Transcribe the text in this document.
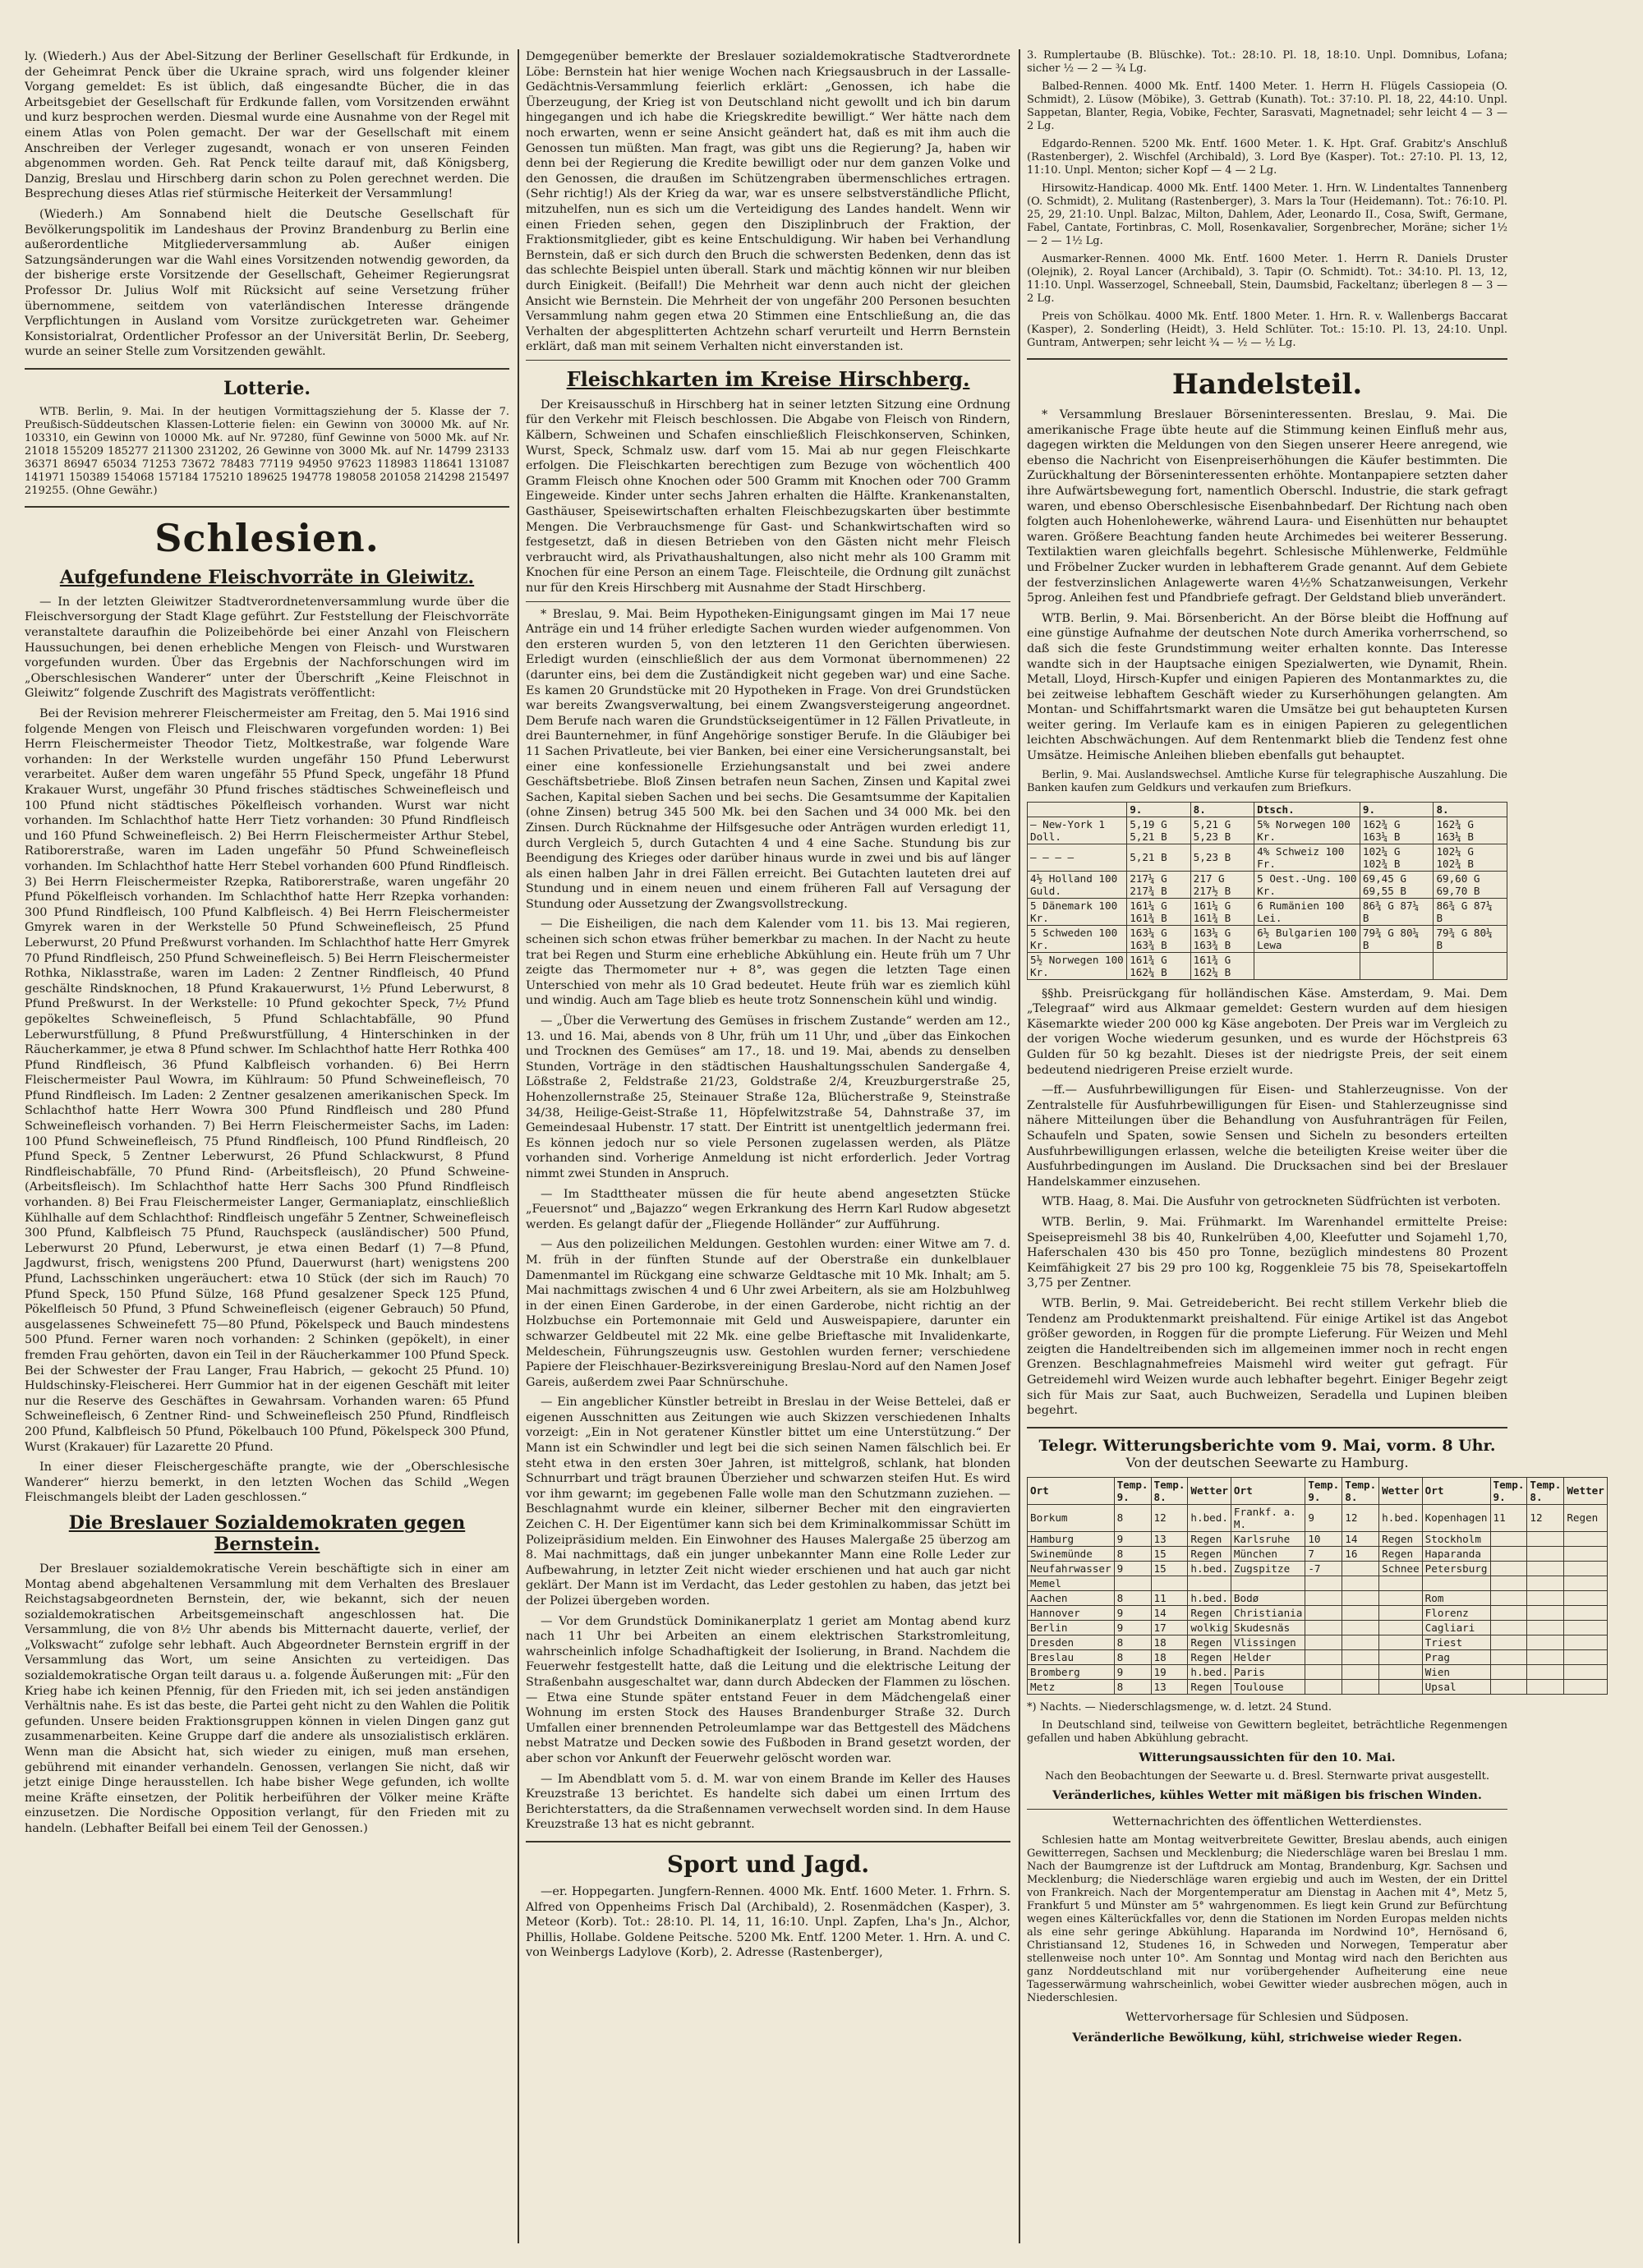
ly. (Wiederh.) Aus der Abel-Sitzung der Berliner Gesellschaft für Erdkunde, in der Geheimrat Penck über die Ukraine sprach, wird uns folgender kleiner Vorgang gemeldet: Es ist üblich, daß eingesandte Bücher, die in das Arbeitsgebiet der Gesellschaft für Erdkunde fallen, vom Vorsitzenden erwähnt und kurz besprochen werden. Diesmal wurde eine Ausnahme von der Regel mit einem Atlas von Polen gemacht. Der war der Gesellschaft mit einem Anschreiben der Verleger zugesandt, wonach er von unseren Feinden abgenommen worden. Geh. Rat Penck teilte darauf mit, daß Königsberg, Danzig, Breslau und Hirschberg darin schon zu Polen gerechnet werden. Die Besprechung dieses Atlas rief stürmische Heiterkeit der Versammlung!

(Wiederh.) Am Sonnabend hielt die Deutsche Gesellschaft für Bevölkerungspolitik im Landeshaus der Provinz Brandenburg zu Berlin eine außerordentliche Mitgliederversammlung ab. Außer einigen Satzungsänderungen war die Wahl eines Vorsitzenden notwendig geworden, da der bisherige erste Vorsitzende der Gesellschaft, Geheimer Regierungsrat Professor Dr. Julius Wolf mit Rücksicht auf seine Versetzung früher übernommene, seitdem von vaterländischen Interesse drängende Verpflichtungen in Ausland vom Vorsitze zurückgetreten war. Geheimer Konsistorialrat, Ordentlicher Professor an der Universität Berlin, Dr. Seeberg, wurde an seiner Stelle zum Vorsitzenden gewählt.

Lotterie.

WTB. Berlin, 9. Mai. In der heutigen Vormittagsziehung der 5. Klasse der 7. Preußisch-Süddeutschen Klassen-Lotterie fielen: ein Gewinn von 30000 Mk. auf Nr. 103310, ein Gewinn von 10000 Mk. auf Nr. 97280, fünf Gewinne von 5000 Mk. auf Nr. 21018 155209 185277 211300 231202, 26 Gewinne von 3000 Mk. auf Nr. 14799 23133 36371 86947 65034 71253 73672 78483 77119 94950 97623 118983 118641 131087 141971 150389 154068 157184 175210 189625 194778 198058 201058 214298 215497 219255. (Ohne Gewähr.)

Schlesien.
Aufgefundene Fleischvorräte in Gleiwitz.

— In der letzten Gleiwitzer Stadtverordnetenversammlung wurde über die Fleischversorgung der Stadt Klage geführt. Zur Feststellung der Fleischvorräte veranstaltete daraufhin die Polizeibehörde bei einer Anzahl von Fleischern Haussuchungen, bei denen erhebliche Mengen von Fleisch- und Wurstwaren vorgefunden wurden. Über das Ergebnis der Nachforschungen wird im „Oberschlesischen Wanderer“ unter der Überschrift „Keine Fleischnot in Gleiwitz“ folgende Zuschrift des Magistrats veröffentlicht:

Bei der Revision mehrerer Fleischermeister am Freitag, den 5. Mai 1916 sind folgende Mengen von Fleisch und Fleischwaren vorgefunden worden: 1) Bei Herrn Fleischermeister Theodor Tietz, Moltkestraße, war folgende Ware vorhanden: In der Werkstelle wurden ungefähr 150 Pfund Leberwurst verarbeitet. Außer dem waren ungefähr 55 Pfund Speck, ungefähr 18 Pfund Krakauer Wurst, ungefähr 30 Pfund frisches städtisches Schweinefleisch und 100 Pfund nicht städtisches Pökelfleisch vorhanden. Wurst war nicht vorhanden. Im Schlachthof hatte Herr Tietz vorhanden: 30 Pfund Rindfleisch und 160 Pfund Schweinefleisch. 2) Bei Herrn Fleischermeister Arthur Stebel, Ratiborerstraße, waren im Laden ungefähr 50 Pfund Schweinefleisch vorhanden. Im Schlachthof hatte Herr Stebel vorhanden 600 Pfund Rindfleisch. 3) Bei Herrn Fleischermeister Rzepka, Ratiborerstraße, waren ungefähr 20 Pfund Pökelfleisch vorhanden. Im Schlachthof hatte Herr Rzepka vorhanden: 300 Pfund Rindfleisch, 100 Pfund Kalbfleisch. 4) Bei Herrn Fleischermeister Gmyrek waren in der Werkstelle 50 Pfund Schweinefleisch, 25 Pfund Leberwurst, 20 Pfund Preßwurst vorhanden. Im Schlachthof hatte Herr Gmyrek 70 Pfund Rindfleisch, 250 Pfund Schweinefleisch. 5) Bei Herrn Fleischermeister Rothka, Niklasstraße, waren im Laden: 2 Zentner Rindfleisch, 40 Pfund geschälte Rindsknochen, 18 Pfund Krakauerwurst, 1½ Pfund Leberwurst, 8 Pfund Preßwurst. In der Werkstelle: 10 Pfund gekochter Speck, 7½ Pfund gepökeltes Schweinefleisch, 5 Pfund Schlachtabfälle, 90 Pfund Leberwurstfüllung, 8 Pfund Preßwurstfüllung, 4 Hinterschinken in der Räucherkammer, je etwa 8 Pfund schwer. Im Schlachthof hatte Herr Rothka 400 Pfund Rindfleisch, 36 Pfund Kalbfleisch vorhanden. 6) Bei Herrn Fleischermeister Paul Wowra, im Kühlraum: 50 Pfund Schweinefleisch, 70 Pfund Rindfleisch. Im Laden: 2 Zentner gesalzenen amerikanischen Speck. Im Schlachthof hatte Herr Wowra 300 Pfund Rindfleisch und 280 Pfund Schweinefleisch vorhanden. 7) Bei Herrn Fleischermeister Sachs, im Laden: 100 Pfund Schweinefleisch, 75 Pfund Rindfleisch, 100 Pfund Rindfleisch, 20 Pfund Speck, 5 Zentner Leberwurst, 26 Pfund Schlackwurst, 8 Pfund Rindfleischabfälle, 70 Pfund Rind- (Arbeitsfleisch), 20 Pfund Schweine- (Arbeitsfleisch). Im Schlachthof hatte Herr Sachs 300 Pfund Rindfleisch vorhanden. 8) Bei Frau Fleischermeister Langer, Germaniaplatz, einschließlich Kühlhalle auf dem Schlachthof: Rindfleisch ungefähr 5 Zentner, Schweinefleisch 300 Pfund, Kalbfleisch 75 Pfund, Rauchspeck (ausländischer) 500 Pfund, Leberwurst 20 Pfund, Leberwurst, je etwa einen Bedarf (1) 7—8 Pfund, Jagdwurst, frisch, wenigstens 200 Pfund, Dauerwurst (hart) wenigstens 200 Pfund, Lachsschinken ungeräuchert: etwa 10 Stück (der sich im Rauch) 70 Pfund Speck, 150 Pfund Sülze, 168 Pfund gesalzener Speck 125 Pfund, Pökelfleisch 50 Pfund, 3 Pfund Schweinefleisch (eigener Gebrauch) 50 Pfund, ausgelassenes Schweinefett 75—80 Pfund, Pökelspeck und Bauch mindestens 500 Pfund. Ferner waren noch vorhanden: 2 Schinken (gepökelt), in einer fremden Frau gehörten, davon ein Teil in der Räucherkammer 100 Pfund Speck. Bei der Schwester der Frau Langer, Frau Habrich, — gekocht 25 Pfund. 10) Huldschinsky-Fleischerei. Herr Gummior hat in der eigenen Geschäft mit leiter nur die Reserve des Geschäftes in Gewahrsam. Vorhanden waren: 65 Pfund Schweinefleisch, 6 Zentner Rind- und Schweinefleisch 250 Pfund, Rindfleisch 200 Pfund, Kalbfleisch 50 Pfund, Pökelbauch 100 Pfund, Pökelspeck 300 Pfund, Wurst (Krakauer) für Lazarette 20 Pfund.

In einer dieser Fleischergeschäfte prangte, wie der „Oberschlesische Wanderer“ hierzu bemerkt, in den letzten Wochen das Schild „Wegen Fleischmangels bleibt der Laden geschlossen.“

Die Breslauer Sozialdemokraten gegen Bernstein.

Der Breslauer sozialdemokratische Verein beschäftigte sich in einer am Montag abend abgehaltenen Versammlung mit dem Verhalten des Breslauer Reichstagsabgeordneten Bernstein, der, wie bekannt, sich der neuen sozialdemokratischen Arbeitsgemeinschaft angeschlossen hat. Die Versammlung, die von 8½ Uhr abends bis Mitternacht dauerte, verlief, der „Volkswacht“ zufolge sehr lebhaft. Auch Abgeordneter Bernstein ergriff in der Versammlung das Wort, um seine Ansichten zu verteidigen. Das sozialdemokratische Organ teilt daraus u. a. folgende Äußerungen mit: „Für den Krieg habe ich keinen Pfennig, für den Frieden mit, ich sei jeden anständigen Verhältnis nahe. Es ist das beste, die Partei geht nicht zu den Wahlen die Politik gefunden. Unsere beiden Fraktionsgruppen können in vielen Dingen ganz gut zusammenarbeiten. Keine Gruppe darf die andere als unsozialistisch erklären. Wenn man die Absicht hat, sich wieder zu einigen, muß man ersehen, gebührend mit einander verhandeln. Genossen, verlangen Sie nicht, daß wir jetzt einige Dinge herausstellen. Ich habe bisher Wege gefunden, ich wollte meine Kräfte einsetzen, der Politik herbeiführen der Völker meine Kräfte einzusetzen. Die Nordische Opposition verlangt, für den Frieden mit zu handeln. (Lebhafter Beifall bei einem Teil der Genossen.)

Demgegenüber bemerkte der Breslauer sozialdemokratische Stadtverordnete Löbe: Bernstein hat hier wenige Wochen nach Kriegsausbruch in der Lassalle-Gedächtnis-Versammlung feierlich erklärt: „Genossen, ich habe die Überzeugung, der Krieg ist von Deutschland nicht gewollt und ich bin darum hingegangen und ich habe die Kriegskredite bewilligt.“ Wer hätte nach dem noch erwarten, wenn er seine Ansicht geändert hat, daß es mit ihm auch die Genossen tun müßten. Man fragt, was gibt uns die Regierung? Ja, haben wir denn bei der Regierung die Kredite bewilligt oder nur dem ganzen Volke und den Genossen, die draußen im Schützengraben übermenschliches ertragen. (Sehr richtig!) Als der Krieg da war, war es unsere selbstverständliche Pflicht, mitzuhelfen, nun es sich um die Verteidigung des Landes handelt. Wenn wir einen Frieden sehen, gegen den Disziplinbruch der Fraktion, der Fraktionsmitglieder, gibt es keine Entschuldigung. Wir haben bei Verhandlung Bernstein, daß er sich durch den Bruch die schwersten Bedenken, denn das ist das schlechte Beispiel unten überall. Stark und mächtig können wir nur bleiben durch Einigkeit. (Beifall!) Die Mehrheit war denn auch nicht der gleichen Ansicht wie Bernstein. Die Mehrheit der von ungefähr 200 Personen besuchten Versammlung nahm gegen etwa 20 Stimmen eine Entschließung an, die das Verhalten der abgesplitterten Achtzehn scharf verurteilt und Herrn Bernstein erklärt, daß man mit seinem Verhalten nicht einverstanden ist.

Fleischkarten im Kreise Hirschberg.

Der Kreisausschuß in Hirschberg hat in seiner letzten Sitzung eine Ordnung für den Verkehr mit Fleisch beschlossen. Die Abgabe von Fleisch von Rindern, Kälbern, Schweinen und Schafen einschließlich Fleischkonserven, Schinken, Wurst, Speck, Schmalz usw. darf vom 15. Mai ab nur gegen Fleischkarte erfolgen. Die Fleischkarten berechtigen zum Bezuge von wöchentlich 400 Gramm Fleisch ohne Knochen oder 500 Gramm mit Knochen oder 700 Gramm Eingeweide. Kinder unter sechs Jahren erhalten die Hälfte. Krankenanstalten, Gasthäuser, Speisewirtschaften erhalten Fleischbezugskarten über bestimmte Mengen. Die Verbrauchsmenge für Gast- und Schankwirtschaften wird so festgesetzt, daß in diesen Betrieben von den Gästen nicht mehr Fleisch verbraucht wird, als Privathaushaltungen, also nicht mehr als 100 Gramm mit Knochen für eine Person an einem Tage. Fleischteile, die Ordnung gilt zunächst nur für den Kreis Hirschberg mit Ausnahme der Stadt Hirschberg.

* Breslau, 9. Mai. Beim Hypotheken-Einigungsamt gingen im Mai 17 neue Anträge ein und 14 früher erledigte Sachen wurden wieder aufgenommen. Von den ersteren wurden 5, von den letzteren 11 den Gerichten überwiesen. Erledigt wurden (einschließlich der aus dem Vormonat übernommenen) 22 (darunter eins, bei dem die Zuständigkeit nicht gegeben war) und eine Sache. Es kamen 20 Grundstücke mit 20 Hypotheken in Frage. Von drei Grundstücken war bereits Zwangsverwaltung, bei einem Zwangsversteigerung angeordnet. Dem Berufe nach waren die Grundstückseigentümer in 12 Fällen Privatleute, in drei Baunternehmer, in fünf Angehörige sonstiger Berufe. In die Gläubiger bei 11 Sachen Privatleute, bei vier Banken, bei einer eine Versicherungsanstalt, bei einer eine konfessionelle Erziehungsanstalt und bei zwei andere Geschäftsbetriebe. Bloß Zinsen betrafen neun Sachen, Zinsen und Kapital zwei Sachen, Kapital sieben Sachen und bei sechs. Die Gesamtsumme der Kapitalien (ohne Zinsen) betrug 345 500 Mk. bei den Sachen und 34 000 Mk. bei den Zinsen. Durch Rücknahme der Hilfsgesuche oder Anträgen wurden erledigt 11, durch Vergleich 5, durch Gutachten 4 und 4 eine Sache. Stundung bis zur Beendigung des Krieges oder darüber hinaus wurde in zwei und bis auf länger als einen halben Jahr in drei Fällen erreicht. Bei Gutachten lauteten drei auf Stundung und in einem neuen und einem früheren Fall auf Versagung der Stundung oder Aussetzung der Zwangsvollstreckung.

— Die Eisheiligen, die nach dem Kalender vom 11. bis 13. Mai regieren, scheinen sich schon etwas früher bemerkbar zu machen. In der Nacht zu heute trat bei Regen und Sturm eine erhebliche Abkühlung ein. Heute früh um 7 Uhr zeigte das Thermometer nur + 8°, was gegen die letzten Tage einen Unterschied von mehr als 10 Grad bedeutet. Heute früh war es ziemlich kühl und windig. Auch am Tage blieb es heute trotz Sonnenschein kühl und windig.

— „Über die Verwertung des Gemüses in frischem Zustande“ werden am 12., 13. und 16. Mai, abends von 8 Uhr, früh um 11 Uhr, und „über das Einkochen und Trocknen des Gemüses“ am 17., 18. und 19. Mai, abends zu denselben Stunden, Vorträge in den städtischen Haushaltungsschulen Sandergaße 4, Lößstraße 2, Feldstraße 21/23, Goldstraße 2/4, Kreuzburgerstraße 25, Hohenzollernstraße 25, Steinauer Straße 12a, Blücherstraße 9, Steinstraße 34/38, Heilige-Geist-Straße 11, Höpfelwitzstraße 54, Dahnstraße 37, im Gemeindesaal Hubenstr. 17 statt. Der Eintritt ist unentgeltlich jedermann frei. Es können jedoch nur so viele Personen zugelassen werden, als Plätze vorhanden sind. Vorherige Anmeldung ist nicht erforderlich. Jeder Vortrag nimmt zwei Stunden in Anspruch.

— Im Stadttheater müssen die für heute abend angesetzten Stücke „Feuersnot“ und „Bajazzo“ wegen Erkrankung des Herrn Karl Rudow abgesetzt werden. Es gelangt dafür der „Fliegende Holländer“ zur Aufführung.

— Aus den polizeilichen Meldungen. Gestohlen wurden: einer Witwe am 7. d. M. früh in der fünften Stunde auf der Oberstraße ein dunkelblauer Damenmantel im Rückgang eine schwarze Geldtasche mit 10 Mk. Inhalt; am 5. Mai nachmittags zwischen 4 und 6 Uhr zwei Arbeitern, als sie am Holzbuhlweg in der einen Einen Garderobe, in der einen Garderobe, nicht richtig an der Holzbuchse ein Portemonnaie mit Geld und Ausweispapiere, darunter ein schwarzer Geldbeutel mit 22 Mk. eine gelbe Brieftasche mit Invalidenkarte, Meldeschein, Führungszeugnis usw. Gestohlen wurden ferner; verschiedene Papiere der Fleischhauer-Bezirksvereinigung Breslau-Nord auf den Namen Josef Gareis, außerdem zwei Paar Schnürschuhe.

— Ein angeblicher Künstler betreibt in Breslau in der Weise Bettelei, daß er eigenen Ausschnitten aus Zeitungen wie auch Skizzen verschiedenen Inhalts vorzeigt: „Ein in Not geratener Künstler bittet um eine Unterstützung.“ Der Mann ist ein Schwindler und legt bei die sich seinen Namen fälschlich bei. Er steht etwa in den ersten 30er Jahren, ist mittelgroß, schlank, hat blonden Schnurrbart und trägt braunen Überzieher und schwarzen steifen Hut. Es wird vor ihm gewarnt; im gegebenen Falle wolle man den Schutzmann zuziehen. — Beschlagnahmt wurde ein kleiner, silberner Becher mit den eingravierten Zeichen C. H. Der Eigentümer kann sich bei dem Kriminalkommissar Schütt im Polizeipräsidium melden. Ein Einwohner des Hauses Malergaße 25 überzog am 8. Mai nachmittags, daß ein junger unbekannter Mann eine Rolle Leder zur Aufbewahrung, in letzter Zeit nicht wieder erschienen und hat auch gar nicht geklärt. Der Mann ist im Verdacht, das Leder gestohlen zu haben, das jetzt bei der Polizei übergeben worden.

— Vor dem Grundstück Dominikanerplatz 1 geriet am Montag abend kurz nach 11 Uhr bei Arbeiten an einem elektrischen Starkstromleitung, wahrscheinlich infolge Schadhaftigkeit der Isolierung, in Brand. Nachdem die Feuerwehr festgestellt hatte, daß die Leitung und die elektrische Leitung der Straßenbahn ausgeschaltet war, dann durch Abdecken der Flammen zu löschen. — Etwa eine Stunde später entstand Feuer in dem Mädchengelaß einer Wohnung im ersten Stock des Hauses Brandenburger Straße 32. Durch Umfallen einer brennenden Petroleumlampe war das Bettgestell des Mädchens nebst Matratze und Decken sowie des Fußboden in Brand gesetzt worden, der aber schon vor Ankunft der Feuerwehr gelöscht worden war.

— Im Abendblatt vom 5. d. M. war von einem Brande im Keller des Hauses Kreuzstraße 13 berichtet. Es handelte sich dabei um einen Irrtum des Berichterstatters, da die Straßennamen verwechselt worden sind. In dem Hause Kreuzstraße 13 hat es nicht gebrannt.

Sport und Jagd.

—er. Hoppegarten. Jungfern-Rennen. 4000 Mk. Entf. 1600 Meter. 1. Frhrn. S. Alfred von Oppenheims Frisch Dal (Archibald), 2. Rosenmädchen (Kasper), 3. Meteor (Korb). Tot.: 28:10. Pl. 14, 11, 16:10. Unpl. Zapfen, Lha's Jn., Alchor, Phillis, Hollabe. Goldene Peitsche. 5200 Mk. Entf. 1200 Meter. 1. Hrn. A. und C. von Weinbergs Ladylove (Korb), 2. Adresse (Rastenberger),

3. Rumplertaube (B. Blüschke). Tot.: 28:10. Pl. 18, 18:10. Unpl. Domnibus, Lofana; sicher ½ — 2 — ¾ Lg.

Balbed-Rennen. 4000 Mk. Entf. 1400 Meter. 1. Herrn H. Flügels Cassiopeia (O. Schmidt), 2. Lüsow (Möbike), 3. Gettrab (Kunath). Tot.: 37:10. Pl. 18, 22, 44:10. Unpl. Sappetan, Blanter, Regia, Vobike, Fechter, Sarasvati, Magnetnadel; sehr leicht 4 — 3 — 2 Lg.

Edgardo-Rennen. 5200 Mk. Entf. 1600 Meter. 1. K. Hpt. Graf. Grabitz's Anschluß (Rastenberger), 2. Wischfel (Archibald), 3. Lord Bye (Kasper). Tot.: 27:10. Pl. 13, 12, 11:10. Unpl. Menton; sicher Kopf — 4 — 2 Lg.

Hirsowitz-Handicap. 4000 Mk. Entf. 1400 Meter. 1. Hrn. W. Lindentaltes Tannenberg (O. Schmidt), 2. Mulitang (Rastenberger), 3. Mars la Tour (Heidemann). Tot.: 76:10. Pl. 25, 29, 21:10. Unpl. Balzac, Milton, Dahlem, Ader, Leonardo II., Cosa, Swift, Germane, Fabel, Cantate, Fortinbras, C. Moll, Rosenkavalier, Sorgenbrecher, Moräne; sicher 1½ — 2 — 1½ Lg.

Ausmarker-Rennen. 4000 Mk. Entf. 1600 Meter. 1. Herrn R. Daniels Druster (Olejnik), 2. Royal Lancer (Archibald), 3. Tapir (O. Schmidt). Tot.: 34:10. Pl. 13, 12, 11:10. Unpl. Wasserzogel, Schneeball, Stein, Daumsbid, Fackeltanz; überlegen 8 — 3 — 2 Lg.

Preis von Schölkau. 4000 Mk. Entf. 1800 Meter. 1. Hrn. R. v. Wallenbergs Baccarat (Kasper), 2. Sonderling (Heidt), 3. Held Schlüter. Tot.: 15:10. Pl. 13, 24:10. Unpl. Guntram, Antwerpen; sehr leicht ¾ — ½ — ½ Lg.

Handelsteil.

* Versammlung Breslauer Börseninteressenten. Breslau, 9. Mai. Die amerikanische Frage übte heute auf die Stimmung keinen Einfluß mehr aus, dagegen wirkten die Meldungen von den Siegen unserer Heere anregend, wie ebenso die Nachricht von Eisenpreiserhöhungen die Käufer bestimmten. Die Zurückhaltung der Börseninteressenten erhöhte. Montanpapiere setzten daher ihre Aufwärtsbewegung fort, namentlich Oberschl. Industrie, die stark gefragt waren, und ebenso Oberschlesische Eisenbahnbedarf. Der Richtung nach oben folgten auch Hohenlohewerke, während Laura- und Eisenhütten nur behauptet waren. Größere Beachtung fanden heute Archimedes bei weiterer Besserung. Textilaktien waren gleichfalls begehrt. Schlesische Mühlenwerke, Feldmühle und Fröbelner Zucker wurden in lebhafterem Grade genannt. Auf dem Gebiete der festverzinslichen Anlagewerte waren 4½% Schatzanweisungen, Verkehr 5prog. Anleihen fest und Pfandbriefe gefragt. Der Geldstand blieb unverändert.

WTB. Berlin, 9. Mai. Börsenbericht. An der Börse bleibt die Hoffnung auf eine günstige Aufnahme der deutschen Note durch Amerika vorherrschend, so daß sich die feste Grundstimmung weiter erhalten konnte. Das Interesse wandte sich in der Hauptsache einigen Spezialwerten, wie Dynamit, Rhein. Metall, Lloyd, Hirsch-Kupfer und einigen Papieren des Montanmarktes zu, die bei zeitweise lebhaftem Geschäft wieder zu Kurserhöhungen gelangten. Am Montan- und Schiffahrtsmarkt waren die Umsätze bei gut behaupteten Kursen weiter gering. Im Verlaufe kam es in einigen Papieren zu gelegentlichen leichten Abschwächungen. Auf dem Rentenmarkt blieb die Tendenz fest ohne Umsätze. Heimische Anleihen blieben ebenfalls gut behauptet.

Berlin, 9. Mai. Auslandswechsel. Amtliche Kurse für telegraphische Auszahlung. Die Banken kaufen zum Geldkurs und verkaufen zum Briefkurs.

	9.	8.	Dtsch.	9.	8.
— New-York 1 Doll.	5,19 G 5,21 B	5,21 G 5,23 B	5% Norwegen 100 Kr.	162¾ G 163¼ B	162¾ G 163¼ B
— — — —	5,21 B	5,23 B	4% Schweiz 100 Fr.	102¼ G 102¾ B	102¼ G 102¾ B
4½ Holland 100 Guld.	217¼ G 217¾ B	217 G 217½ B	5 Oest.-Ung. 100 Kr.	69,45 G 69,55 B	69,60 G 69,70 B
5 Dänemark 100 Kr.	161¼ G 161¾ B	161¼ G 161¾ B	6 Rumänien 100 Lei.	86¾ G 87¼ B	86¾ G 87¼ B
5 Schweden 100 Kr.	163¼ G 163¾ B	163¼ G 163¾ B	6½ Bulgarien 100 Lewa	79¾ G 80¼ B	79¾ G 80¼ B
5½ Norwegen 100 Kr.	161¾ G 162¼ B	161¾ G 162¼ B			

§§hb. Preisrückgang für holländischen Käse. Amsterdam, 9. Mai. Dem „Telegraaf“ wird aus Alkmaar gemeldet: Gestern wurden auf dem hiesigen Käsemarkte wieder 200 000 kg Käse angeboten. Der Preis war im Vergleich zu der vorigen Woche wiederum gesunken, und es wurde der Höchstpreis 63 Gulden für 50 kg bezahlt. Dieses ist der niedrigste Preis, der seit einem bedeutend niedrigeren Preise erzielt wurde.

—ff.— Ausfuhrbewilligungen für Eisen- und Stahlerzeugnisse. Von der Zentralstelle für Ausfuhrbewilligungen für Eisen- und Stahlerzeugnisse sind nähere Mitteilungen über die Behandlung von Ausfuhranträgen für Feilen, Schaufeln und Spaten, sowie Sensen und Sicheln zu besonders erteilten Ausfuhrbewilligungen erlassen, welche die beteiligten Kreise weiter über die Ausfuhrbedingungen im Ausland. Die Drucksachen sind bei der Breslauer Handelskammer einzusehen.

WTB. Haag, 8. Mai. Die Ausfuhr von getrockneten Südfrüchten ist verboten.

WTB. Berlin, 9. Mai. Frühmarkt. Im Warenhandel ermittelte Preise: Speisepreismehl 38 bis 40, Runkelrüben 4,00, Kleefutter und Sojamehl 1,70, Haferschalen 430 bis 450 pro Tonne, bezüglich mindestens 80 Prozent Keimfähigkeit 27 bis 29 pro 100 kg, Roggenkleie 75 bis 78, Speisekartoffeln 3,75 per Zentner.

WTB. Berlin, 9. Mai. Getreidebericht. Bei recht stillem Verkehr blieb die Tendenz am Produktenmarkt preishaltend. Für einige Artikel ist das Angebot größer geworden, in Roggen für die prompte Lieferung. Für Weizen und Mehl zeigten die Handeltreibenden sich im allgemeinen immer noch in recht engen Grenzen. Beschlagnahmefreies Maismehl wird weiter gut gefragt. Für Getreidemehl wird Weizen wurde auch lebhafter begehrt. Einiger Begehr zeigt sich für Mais zur Saat, auch Buchweizen, Seradella und Lupinen bleiben begehrt.

Telegr. Witterungsberichte vom 9. Mai, vorm. 8 Uhr.
Von der deutschen Seewarte zu Hamburg.
Ort	Temp. 9.	Temp. 8.	Wetter	Ort	Temp. 9.	Temp. 8.	Wetter	Ort	Temp. 9.	Temp. 8.	Wetter
Borkum	8	12	h.bed.	Frankf. a. M.	9	12	h.bed.	Kopenhagen	11	12	Regen
Hamburg	9	13	Regen	Karlsruhe	10	14	Regen	Stockholm			
Swinemünde	8	15	Regen	München	7	16	Regen	Haparanda			
Neufahrwasser	9	15	h.bed.	Zugspitze	-7		Schnee	Petersburg			
Memel											
Aachen	8	11	h.bed.	Bodø				Rom			
Hannover	9	14	Regen	Christiania				Florenz			
Berlin	9	17	wolkig	Skudesnäs				Cagliari			
Dresden	8	18	Regen	Vlissingen				Triest			
Breslau	8	18	Regen	Helder				Prag			
Bromberg	9	19	h.bed.	Paris				Wien			
Metz	8	13	Regen	Toulouse				Upsal			

*) Nachts. — Niederschlagsmenge, w. d. letzt. 24 Stund.

In Deutschland sind, teilweise von Gewittern begleitet, beträchtliche Regenmengen gefallen und haben Abkühlung gebracht.

Witterungsaussichten für den 10. Mai.

Nach den Beobachtungen der Seewarte u. d. Bresl. Sternwarte privat ausgestellt.

Veränderliches, kühles Wetter mit mäßigen bis frischen Winden.

Wetternachrichten des öffentlichen Wetterdienstes.

Schlesien hatte am Montag weitverbreitete Gewitter, Breslau abends, auch einigen Gewitterregen, Sachsen und Mecklenburg; die Niederschläge waren bei Breslau 1 mm. Nach der Baumgrenze ist der Luftdruck am Montag, Brandenburg, Kgr. Sachsen und Mecklenburg; die Niederschläge waren ergiebig und auch im Westen, der ein Drittel von Frankreich. Nach der Morgentemperatur am Dienstag in Aachen mit 4°, Metz 5, Frankfurt 5 und Münster am 5° wahrgenommen. Es liegt kein Grund zur Befürchtung wegen eines Kälterückfalles vor, denn die Stationen im Norden Europas melden nichts als eine sehr geringe Abkühlung. Haparanda im Nordwind 10°, Hernösand 6, Christiansand 12, Studenes 16, in Schweden und Norwegen, Temperatur aber stellenweise noch unter 10°. Am Sonntag und Montag wird nach den Berichten aus ganz Norddeutschland mit nur vorübergehender Aufheiterung eine neue Tagesserwärmung wahrscheinlich, wobei Gewitter wieder ausbrechen mögen, auch in Niederschlesien.

Wettervorhersage für Schlesien und Südposen.

Veränderliche Bewölkung, kühl, strichweise wieder Regen.
